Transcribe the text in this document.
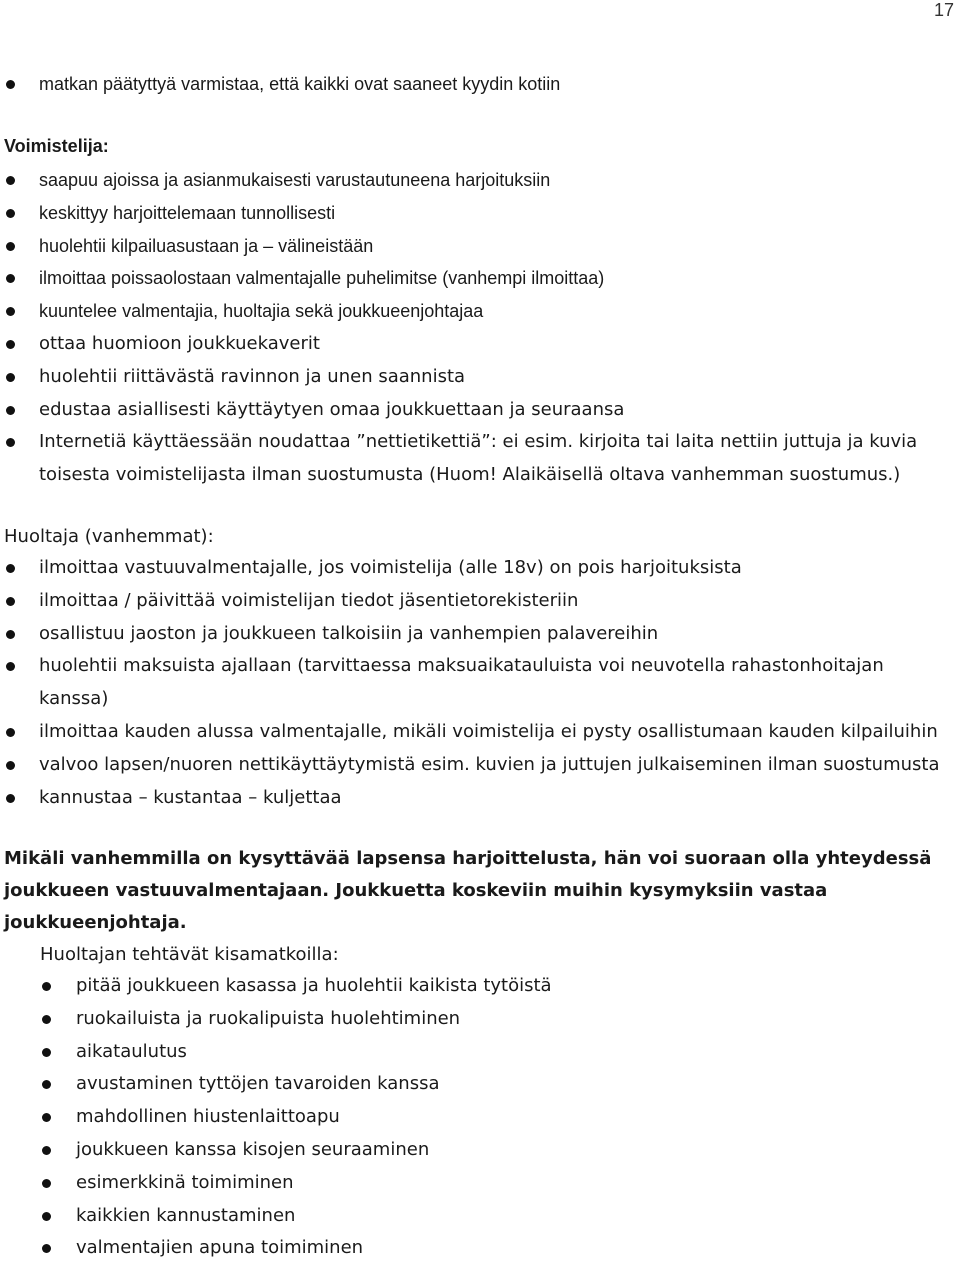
17
matkan päätyttyä varmistaa, että kaikki ovat saaneet kyydin kotiin
Voimistelija:
saapuu ajoissa ja asianmukaisesti varustautuneena harjoituksiin
keskittyy harjoittelemaan tunnollisesti
huolehtii kilpailuasustaan ja – välineistään
ilmoittaa poissaolostaan valmentajalle puhelimitse (vanhempi ilmoittaa)
kuuntelee valmentajia, huoltajia sekä joukkueenjohtajaa
ottaa huomioon joukkuekaverit
huolehtii riittävästä ravinnon ja unen saannista
edustaa asiallisesti käyttäytyen omaa joukkuettaan ja seuraansa
Internetiä käyttäessään noudattaa ”nettietikettiä”: ei esim. kirjoita tai laita nettiin juttuja ja kuvia toisesta voimistelijasta ilman suostumusta (Huom! Alaikäisellä oltava vanhemman suostumus.)
Huoltaja (vanhemmat):
ilmoittaa vastuuvalmentajalle, jos voimistelija (alle 18v) on pois harjoituksista
ilmoittaa / päivittää voimistelijan tiedot jäsentietorekisteriin
osallistuu jaoston ja joukkueen talkoisiin ja vanhempien palavereihin
huolehtii maksuista ajallaan (tarvittaessa maksuaikatauluista voi neuvotella rahastonhoitajan kanssa)
ilmoittaa kauden alussa valmentajalle, mikäli voimistelija ei pysty osallistumaan kauden kilpailuihin
valvoo lapsen/nuoren nettikäyttäytymistä esim. kuvien ja juttujen julkaiseminen ilman suostumusta
kannustaa – kustantaa – kuljettaa
Mikäli vanhemmilla on kysyttävää lapsensa harjoittelusta, hän voi suoraan olla yhteydessä joukkueen vastuuvalmentajaan. Joukkuetta koskeviin muihin kysymyksiin vastaa joukkueenjohtaja.
Huoltajan tehtävät kisamatkoilla:
pitää joukkueen kasassa ja huolehtii kaikista tytöistä
ruokailuista ja ruokalipuista huolehtiminen
aikataulutus
avustaminen tyttöjen tavaroiden kanssa
mahdollinen hiustenlaittoapu
joukkueen kanssa kisojen seuraaminen
esimerkkinä toimiminen
kaikkien kannustaminen
valmentajien apuna toimiminen
